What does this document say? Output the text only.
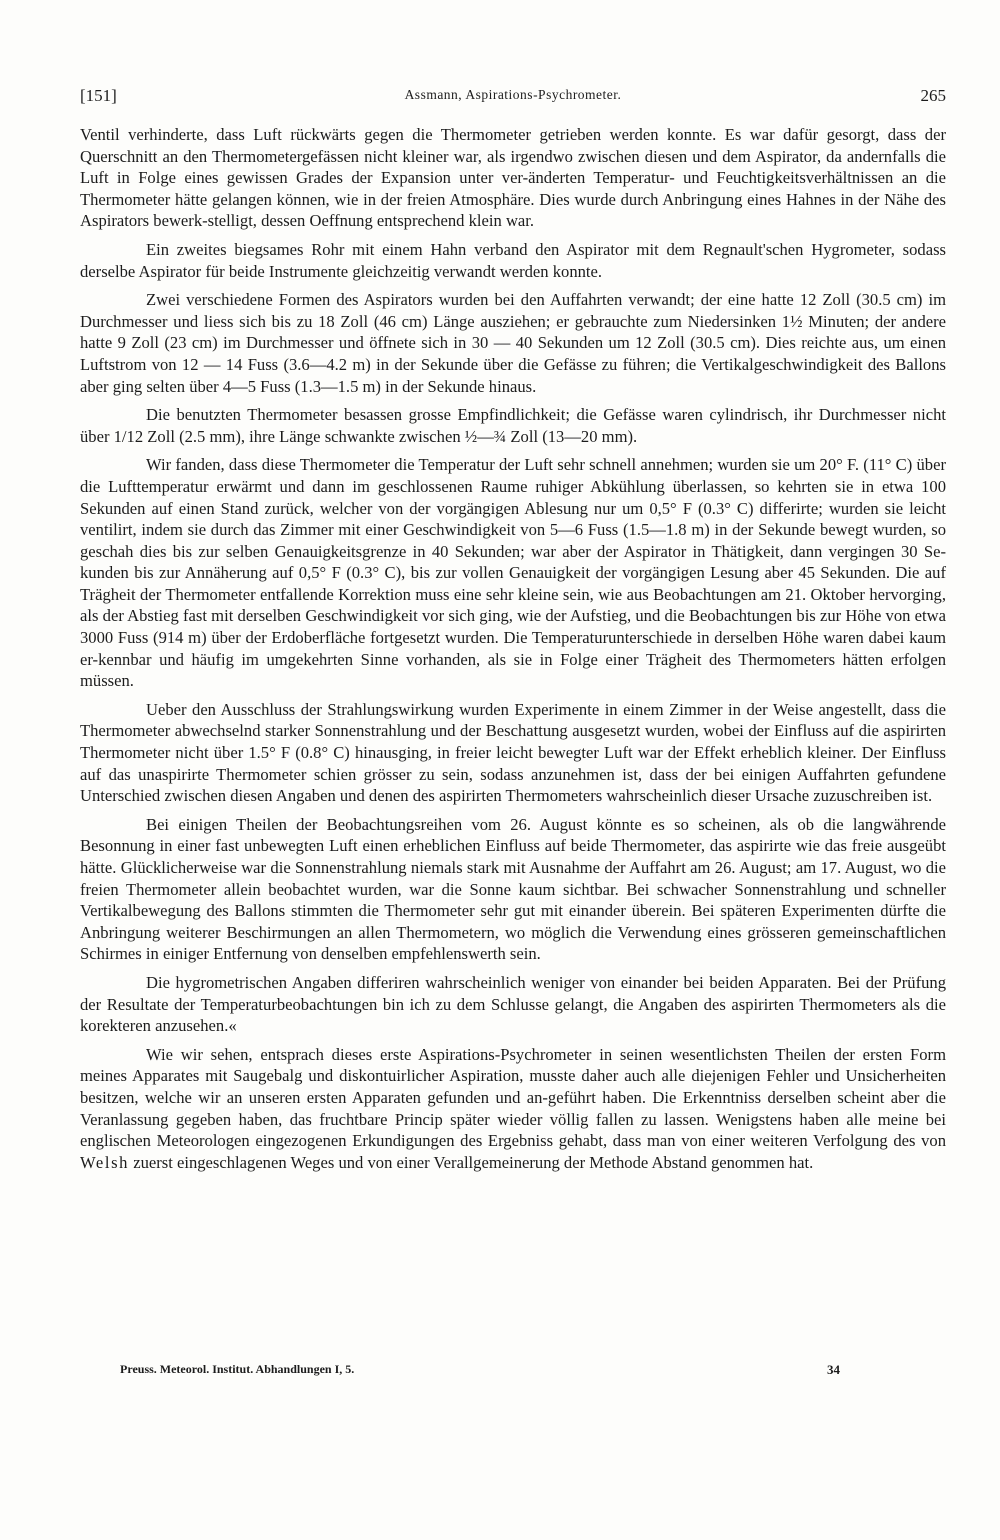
[151]	Assmann, Aspirations-Psychrometer.	265

Ventil verhinderte, dass Luft rückwärts gegen die Thermometer getrieben werden konnte. Es war dafür gesorgt, dass der Querschnitt an den Thermometergefässen nicht kleiner war, als irgendwo zwischen diesen und dem Aspirator, da andernfalls die Luft in Folge eines gewissen Grades der Expansion unter ver-änderten Temperatur- und Feuchtigkeitsverhältnissen an die Thermometer hätte gelangen können, wie in der freien Atmosphäre. Dies wurde durch Anbringung eines Hahnes in der Nähe des Aspirators bewerk-stelligt, dessen Oeffnung entsprechend klein war.

Ein zweites biegsames Rohr mit einem Hahn verband den Aspirator mit dem Regnault'schen Hygrometer, sodass derselbe Aspirator für beide Instrumente gleichzeitig verwandt werden konnte.

Zwei verschiedene Formen des Aspirators wurden bei den Auffahrten verwandt; der eine hatte 12 Zoll (30.5 cm) im Durchmesser und liess sich bis zu 18 Zoll (46 cm) Länge ausziehen; er gebrauchte zum Niedersinken 1½ Minuten; der andere hatte 9 Zoll (23 cm) im Durchmesser und öffnete sich in 30 — 40 Sekunden um 12 Zoll (30.5 cm). Dies reichte aus, um einen Luftstrom von 12 — 14 Fuss (3.6—4.2 m) in der Sekunde über die Gefässe zu führen; die Vertikalgeschwindigkeit des Ballons aber ging selten über 4—5 Fuss (1.3—1.5 m) in der Sekunde hinaus.

Die benutzten Thermometer besassen grosse Empfindlichkeit; die Gefässe waren cylindrisch, ihr Durchmesser nicht über 1/12 Zoll (2.5 mm), ihre Länge schwankte zwischen ½—¾ Zoll (13—20 mm).

Wir fanden, dass diese Thermometer die Temperatur der Luft sehr schnell annehmen; wurden sie um 20° F. (11° C) über die Lufttemperatur erwärmt und dann im geschlossenen Raume ruhiger Abkühlung überlassen, so kehrten sie in etwa 100 Sekunden auf einen Stand zurück, welcher von der vorgängigen Ablesung nur um 0,5° F (0.3° C) differirte; wurden sie leicht ventilirt, indem sie durch das Zimmer mit einer Geschwindigkeit von 5—6 Fuss (1.5—1.8 m) in der Sekunde bewegt wurden, so geschah dies bis zur selben Genauigkeitsgrenze in 40 Sekunden; war aber der Aspirator in Thätigkeit, dann vergingen 30 Se-kunden bis zur Annäherung auf 0,5° F (0.3° C), bis zur vollen Genauigkeit der vorgängigen Lesung aber 45 Sekunden. Die auf Trägheit der Thermometer entfallende Korrektion muss eine sehr kleine sein, wie aus Beobachtungen am 21. Oktober hervorging, als der Abstieg fast mit derselben Geschwindigkeit vor sich ging, wie der Aufstieg, und die Beobachtungen bis zur Höhe von etwa 3000 Fuss (914 m) über der Erdoberfläche fortgesetzt wurden. Die Temperaturunterschiede in derselben Höhe waren dabei kaum er-kennbar und häufig im umgekehrten Sinne vorhanden, als sie in Folge einer Trägheit des Thermometers hätten erfolgen müssen.

Ueber den Ausschluss der Strahlungswirkung wurden Experimente in einem Zimmer in der Weise angestellt, dass die Thermometer abwechselnd starker Sonnenstrahlung und der Beschattung ausgesetzt wurden, wobei der Einfluss auf die aspirirten Thermometer nicht über 1.5° F (0.8° C) hinausging, in freier leicht bewegter Luft war der Effekt erheblich kleiner. Der Einfluss auf das unaspirirte Thermometer schien grösser zu sein, sodass anzunehmen ist, dass der bei einigen Auffahrten gefundene Unterschied zwischen diesen Angaben und denen des aspirirten Thermometers wahrscheinlich dieser Ursache zuzuschreiben ist.

Bei einigen Theilen der Beobachtungsreihen vom 26. August könnte es so scheinen, als ob die langwährende Besonnung in einer fast unbewegten Luft einen erheblichen Einfluss auf beide Thermometer, das aspirirte wie das freie ausgeübt hätte. Glücklicherweise war die Sonnenstrahlung niemals stark mit Ausnahme der Auffahrt am 26. August; am 17. August, wo die freien Thermometer allein beobachtet wurden, war die Sonne kaum sichtbar. Bei schwacher Sonnenstrahlung und schneller Vertikalbewegung des Ballons stimmten die Thermometer sehr gut mit einander überein. Bei späteren Experimenten dürfte die Anbringung weiterer Beschirmungen an allen Thermometern, wo möglich die Verwendung eines grösseren gemeinschaftlichen Schirmes in einiger Entfernung von denselben empfehlenswerth sein.

Die hygrometrischen Angaben differiren wahrscheinlich weniger von einander bei beiden Apparaten. Bei der Prüfung der Resultate der Temperaturbeobachtungen bin ich zu dem Schlusse gelangt, die Angaben des aspirirten Thermometers als die korekteren anzusehen.«

Wie wir sehen, entsprach dieses erste Aspirations-Psychrometer in seinen wesentlichsten Theilen der ersten Form meines Apparates mit Saugebalg und diskontuirlicher Aspiration, musste daher auch alle diejenigen Fehler und Unsicherheiten besitzen, welche wir an unseren ersten Apparaten gefunden und an-geführt haben. Die Erkenntniss derselben scheint aber die Veranlassung gegeben haben, das fruchtbare Princip später wieder völlig fallen zu lassen. Wenigstens haben alle meine bei englischen Meteorologen eingezogenen Erkundigungen des Ergebniss gehabt, dass man von einer weiteren Verfolgung des von Welsh zuerst eingeschlagenen Weges und von einer Verallgemeinerung der Methode Abstand genommen hat.

Preuss. Meteorol. Institut. Abhandlungen I, 5.	34
